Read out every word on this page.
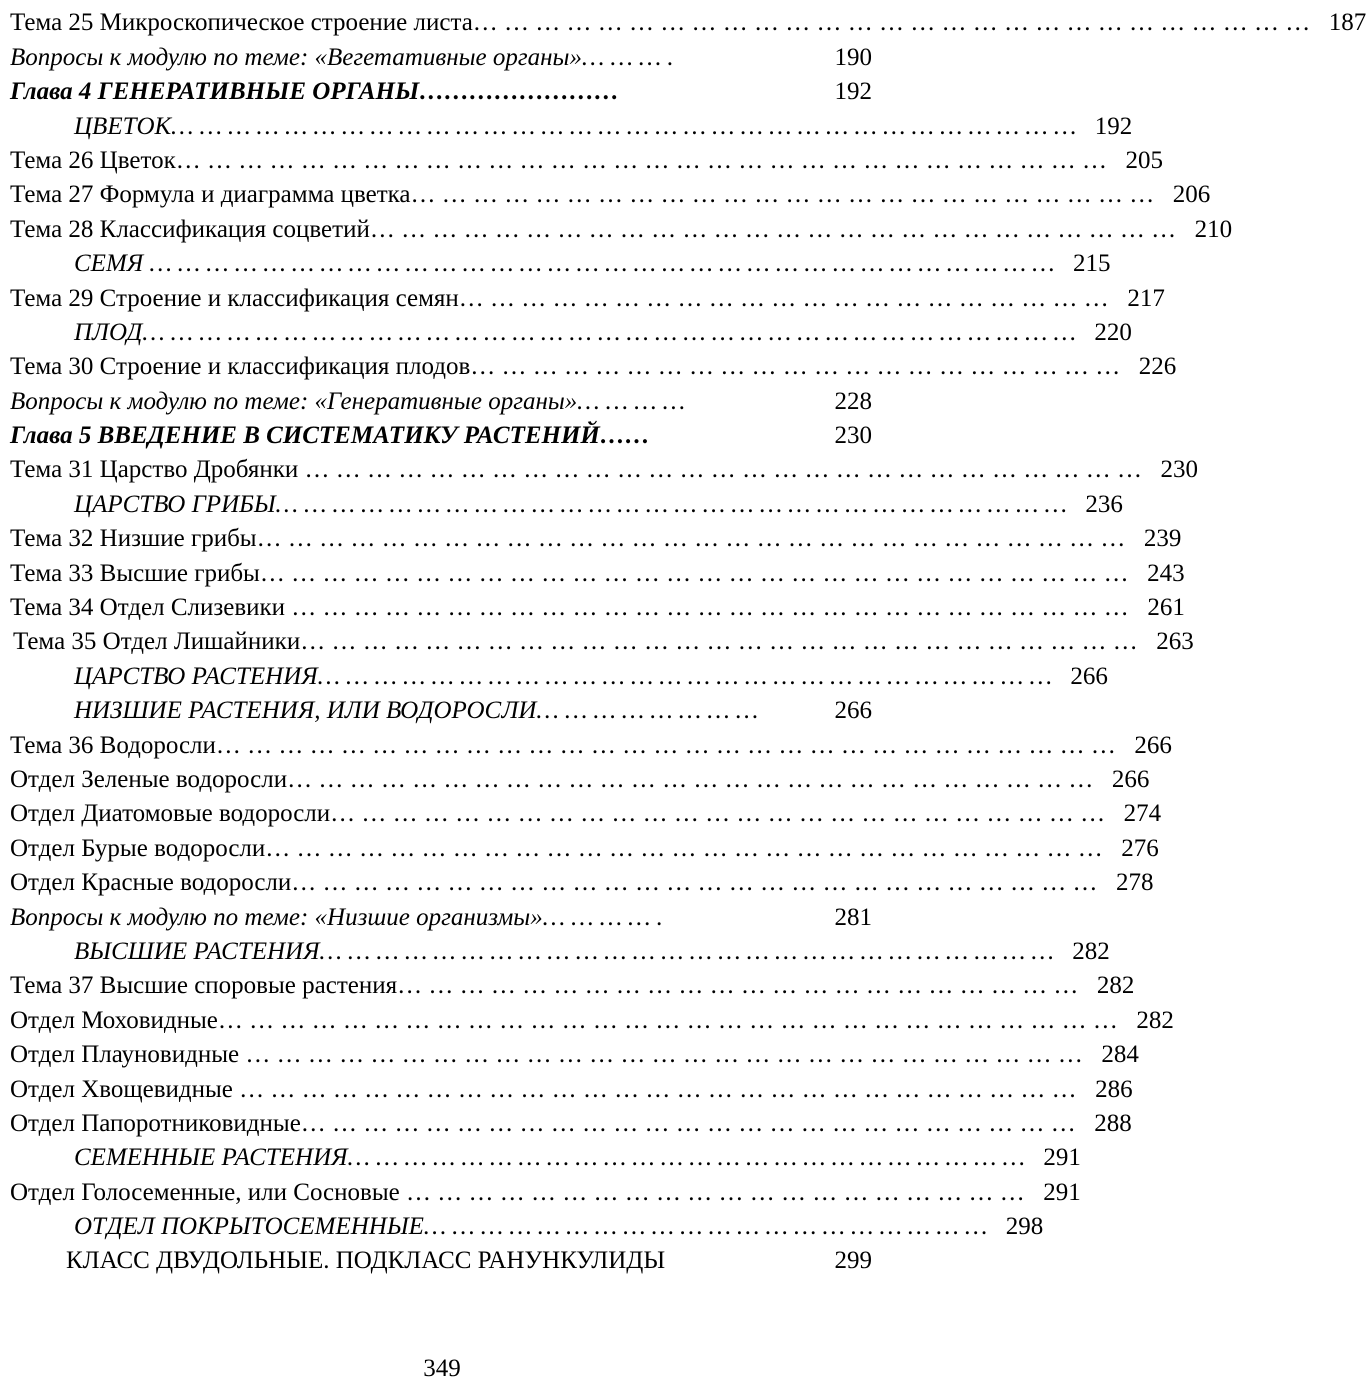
Тема 25 Микроскопическое строение листа… … … … … … … … … … … … … … … … … … … … … … … … … … … 187
Вопросы к модулю по теме: «Вегетативные органы»… … … .	190
Глава 4 ГЕНЕРАТИВНЫЕ ОРГАНЫ……………………	192
ЦВЕТОК… … … … … … … … … … … … … … … … … … … … … … … … … … … … … … … … 192
Тема 26 Цветок… … … … … … … … … … … … … … … … … … … … … … … … … … … … … … 205
Тема 27 Формула и диаграмма цветка… … … … … … … … … … … … … … … … … … … … … … … … 206
Тема 28 Классификация соцветий… … … … … … … … … … … … … … … … … … … … … … … … … … 210
СЕМЯ … … … … … … … … … … … … … … … … … … … … … … … … … … … … … … … … 215
Тема 29 Строение и классификация семян… … … … … … … … … … … … … … … … … … … … … 217
ПЛОД… … … … … … … … … … … … … … … … … … … … … … … … … … … … … … … … … 220
Тема 30 Строение и классификация плодов… … … … … … … … … … … … … … … … … … … … … 226
Вопросы к модулю по теме: «Генеративные органы»… … … …	228
Глава 5 ВВЕДЕНИЕ В СИСТЕМАТИКУ РАСТЕНИЙ……	230
Тема 31 Царство Дробянки … … … … … … … … … … … … … … … … … … … … … … … … … … … 230
ЦАРСТВО ГРИБЫ… … … … … … … … … … … … … … … … … … … … … … … … … … … … 236
Тема 32 Низшие грибы… … … … … … … … … … … … … … … … … … … … … … … … … … … … 239
Тема 33 Высшие грибы… … … … … … … … … … … … … … … … … … … … … … … … … … … … 243
Тема 34 Отдел Слизевики … … … … … … … … … … … … … … … … … … … … … … … … … … … 261
Тема 35 Отдел Лишайники… … … … … … … … … … … … … … … … … … … … … … … … … … … 263
ЦАРСТВО РАСТЕНИЯ… … … … … … … … … … … … … … … … … … … … … … … … … … 266
НИЗШИЕ РАСТЕНИЯ, ИЛИ ВОДОРОСЛИ… … … … … … … …	266
Тема 36 Водоросли… … … … … … … … … … … … … … … … … … … … … … … … … … … … … 266
Отдел Зеленые водоросли… … … … … … … … … … … … … … … … … … … … … … … … … … 266
Отдел Диатомовые водоросли… … … … … … … … … … … … … … … … … … … … … … … … … 274
Отдел Бурые водоросли… … … … … … … … … … … … … … … … … … … … … … … … … … … 276
Отдел Красные водоросли… … … … … … … … … … … … … … … … … … … … … … … … … … 278
Вопросы к модулю по теме: «Низшие организмы»… … … … .	281
ВЫСШИЕ РАСТЕНИЯ… … … … … … … … … … … … … … … … … … … … … … … … … … 282
Тема 37 Высшие споровые растения… … … … … … … … … … … … … … … … … … … … … … 282
Отдел Моховидные… … … … … … … … … … … … … … … … … … … … … … … … … … … … … 282
Отдел Плауновидные … … … … … … … … … … … … … … … … … … … … … … … … … … … 284
Отдел Хвощевидные … … … … … … … … … … … … … … … … … … … … … … … … … … … 286
Отдел Папоротниковидные… … … … … … … … … … … … … … … … … … … … … … … … … 288
СЕМЕННЫЕ РАСТЕНИЯ… … … … … … … … … … … … … … … … … … … … … … … … 291
Отдел Голосеменные, или Сосновые … … … … … … … … … … … … … … … … … … … … 291
ОТДЕЛ ПОКРЫТОСЕМЕННЫЕ… … … … … … … … … … … … … … … … … … … … 298
КЛАСС ДВУДОЛЬНЫЕ. ПОДКЛАСС РАНУНКУЛИДЫ	299
349
